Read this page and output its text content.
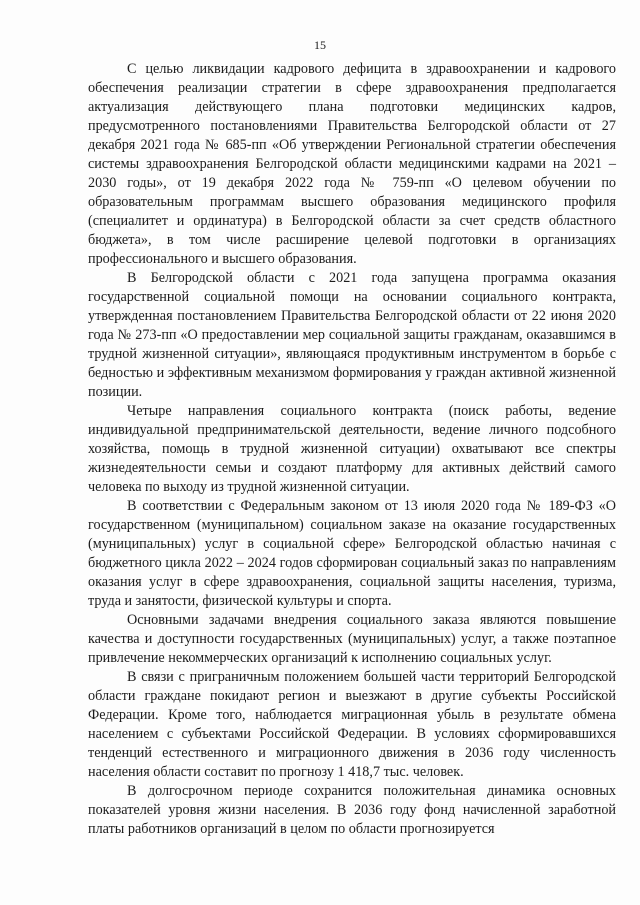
15

С целью ликвидации кадрового дефицита в здравоохранении и кадрового обеспечения реализации стратегии в сфере здравоохранения предполагается актуализация действующего плана подготовки медицинских кадров, предусмотренного постановлениями Правительства Белгородской области от 27 декабря 2021 года № 685-пп «Об утверждении Региональной стратегии обеспечения системы здравоохранения Белгородской области медицинскими кадрами на 2021 – 2030 годы», от 19 декабря 2022 года № 759-пп «О целевом обучении по образовательным программам высшего образования медицинского профиля (специалитет и ординатура) в Белгородской области за счет средств областного бюджета», в том числе расширение целевой подготовки в организациях профессионального и высшего образования.

В Белгородской области с 2021 года запущена программа оказания государственной социальной помощи на основании социального контракта, утвержденная постановлением Правительства Белгородской области от 22 июня 2020 года № 273-пп «О предоставлении мер социальной защиты гражданам, оказавшимся в трудной жизненной ситуации», являющаяся продуктивным инструментом в борьбе с бедностью и эффективным механизмом формирования у граждан активной жизненной позиции.

Четыре направления социального контракта (поиск работы, ведение индивидуальной предпринимательской деятельности, ведение личного подсобного хозяйства, помощь в трудной жизненной ситуации) охватывают все спектры жизнедеятельности семьи и создают платформу для активных действий самого человека по выходу из трудной жизненной ситуации.

В соответствии с Федеральным законом от 13 июля 2020 года № 189-ФЗ «О государственном (муниципальном) социальном заказе на оказание государственных (муниципальных) услуг в социальной сфере» Белгородской областью начиная с бюджетного цикла 2022 – 2024 годов сформирован социальный заказ по направлениям оказания услуг в сфере здравоохранения, социальной защиты населения, туризма, труда и занятости, физической культуры и спорта.

Основными задачами внедрения социального заказа являются повышение качества и доступности государственных (муниципальных) услуг, а также поэтапное привлечение некоммерческих организаций к исполнению социальных услуг.

В связи с приграничным положением большей части территорий Белгородской области граждане покидают регион и выезжают в другие субъекты Российской Федерации. Кроме того, наблюдается миграционная убыль в результате обмена населением с субъектами Российской Федерации. В условиях сформировавшихся тенденций естественного и миграционного движения в 2036 году численность населения области составит по прогнозу 1 418,7 тыс. человек.

В долгосрочном периоде сохранится положительная динамика основных показателей уровня жизни населения. В 2036 году фонд начисленной заработной платы работников организаций в целом по области прогнозируется
